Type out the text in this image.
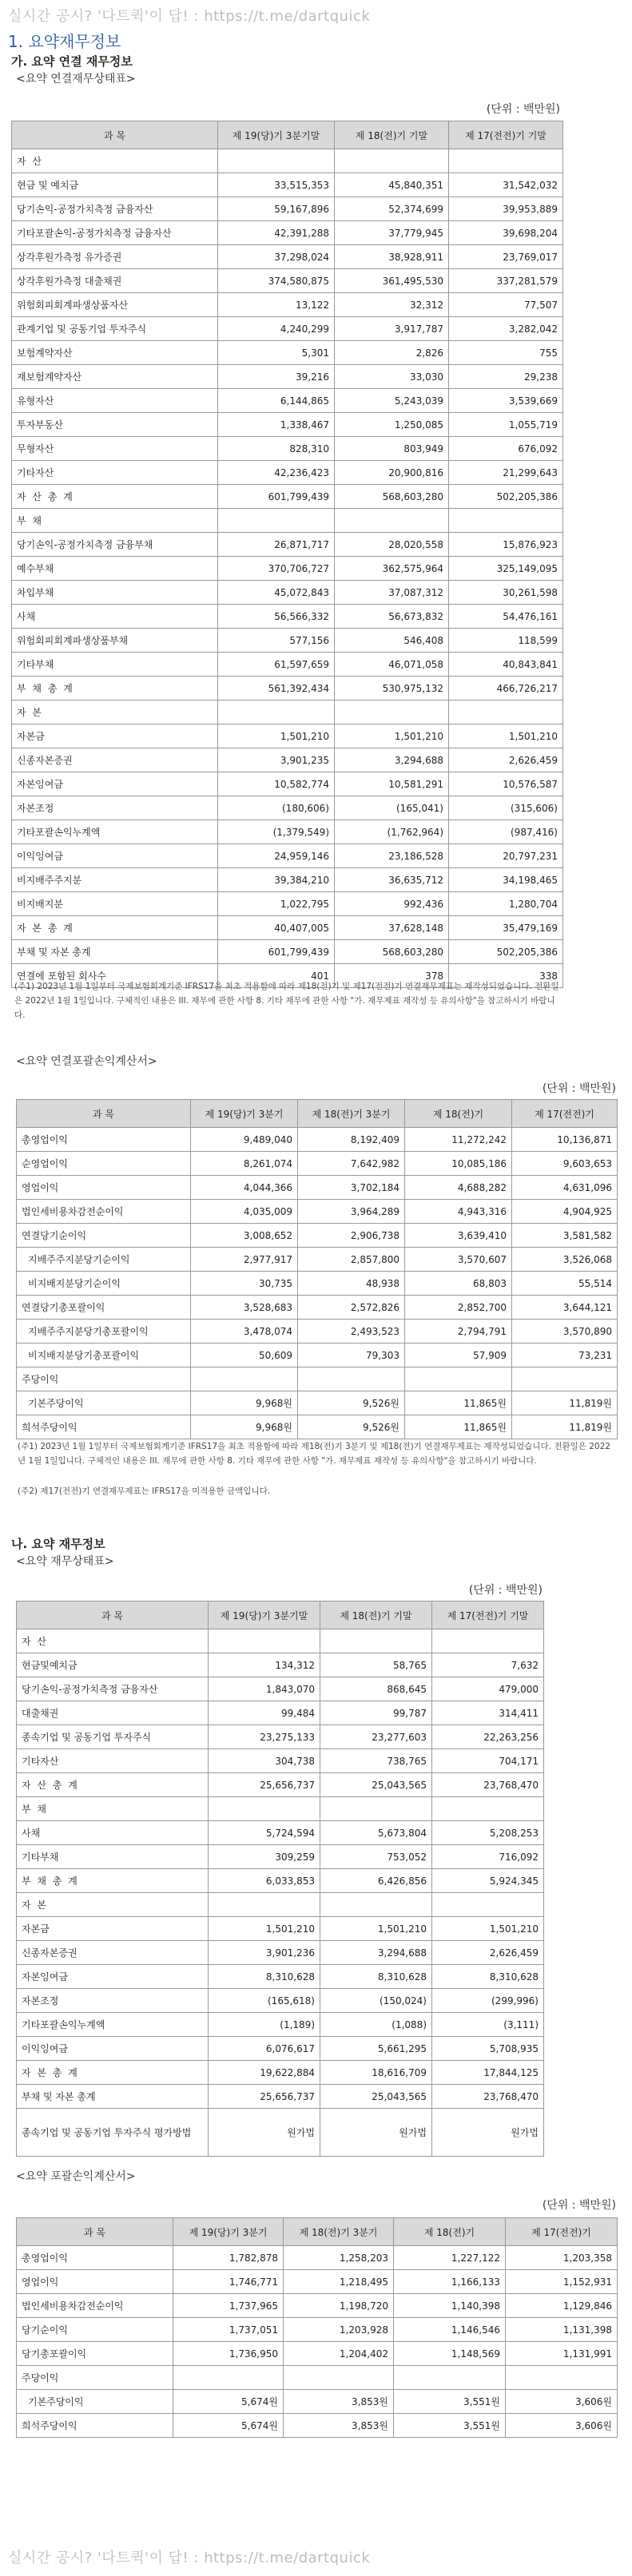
실시간 공시? '다트퀵'이 답! : https://t.me/dartquick
1. 요약재무정보
가. 요약 연결 재무정보
<요약 연결재무상태표>
(단위 : 백만원)
과 목	제 19(당)기 3분기말	제 18(전)기 기말	제 17(전전)기 기말
자 산			
현금 및 예치금	33,515,353	45,840,351	31,542,032
당기손익-공정가치측정 금융자산	59,167,896	52,374,699	39,953,889
기타포괄손익-공정가치측정 금융자산	42,391,288	37,779,945	39,698,204
상각후원가측정 유가증권	37,298,024	38,928,911	23,769,017
상각후원가측정 대출채권	374,580,875	361,495,530	337,281,579
위험회피회계파생상품자산	13,122	32,312	77,507
관계기업 및 공동기업 투자주식	4,240,299	3,917,787	3,282,042
보험계약자산	5,301	2,826	755
재보험계약자산	39,216	33,030	29,238
유형자산	6,144,865	5,243,039	3,539,669
투자부동산	1,338,467	1,250,085	1,055,719
무형자산	828,310	803,949	676,092
기타자산	42,236,423	20,900,816	21,299,643
자 산 총 계	601,799,439	568,603,280	502,205,386
부 채			
당기손익-공정가치측정 금융부채	26,871,717	28,020,558	15,876,923
예수부채	370,706,727	362,575,964	325,149,095
차입부채	45,072,843	37,087,312	30,261,598
사채	56,566,332	56,673,832	54,476,161
위험회피회계파생상품부채	577,156	546,408	118,599
기타부채	61,597,659	46,071,058	40,843,841
부 채 총 계	561,392,434	530,975,132	466,726,217
자 본			
자본금	1,501,210	1,501,210	1,501,210
신종자본증권	3,901,235	3,294,688	2,626,459
자본잉여금	10,582,774	10,581,291	10,576,587
자본조정	(180,606)	(165,041)	(315,606)
기타포괄손익누계액	(1,379,549)	(1,762,964)	(987,416)
이익잉여금	24,959,146	23,186,528	20,797,231
비지배주주지분	39,384,210	36,635,712	34,198,465
비지배지분	1,022,795	992,436	1,280,704
자 본 총 계	40,407,005	37,628,148	35,479,169
부채 및 자본 총계	601,799,439	568,603,280	502,205,386
연결에 포함된 회사수	401	378	338
(주1) 2023년 1월 1일부터 국제보험회계기준 IFRS17을 최초 적용함에 따라 제18(전)기 및 제17(전전)기 연결재무제표는 재작성되었습니다. 전환일은 2022년 1월 1일입니다. 구체적인 내용은 III. 재무에 관한 사항 8. 기타 재무에 관한 사항 "가. 재무제표 재작성 등 유의사항"을 참고하시기 바랍니다.
<요약 연결포괄손익계산서>
(단위 : 백만원)
과 목	제 19(당)기 3분기	제 18(전)기 3분기	제 18(전)기	제 17(전전)기
총영업이익	9,489,040	8,192,409	11,272,242	10,136,871
순영업이익	8,261,074	7,642,982	10,085,186	9,603,653
영업이익	4,044,366	3,702,184	4,688,282	4,631,096
법인세비용차감전순이익	4,035,009	3,964,289	4,943,316	4,904,925
연결당기순이익	3,008,652	2,906,738	3,639,410	3,581,582
지배주주지분당기순이익	2,977,917	2,857,800	3,570,607	3,526,068
비지배지분당기순이익	30,735	48,938	68,803	55,514
연결당기총포괄이익	3,528,683	2,572,826	2,852,700	3,644,121
지배주주지분당기총포괄이익	3,478,074	2,493,523	2,794,791	3,570,890
비지배지분당기총포괄이익	50,609	79,303	57,909	73,231
주당이익				
기본주당이익	9,968원	9,526원	11,865원	11,819원
희석주당이익	9,968원	9,526원	11,865원	11,819원
(주1) 2023년 1월 1일부터 국제보험회계기준 IFRS17을 최초 적용함에 따라 제18(전)기 3분기 및 제18(전)기 연결재무제표는 재작성되었습니다. 전환일은 2022년 1월 1일입니다. 구체적인 내용은 III. 재무에 관한 사항 8. 기타 재무에 관한 사항 "가. 재무제표 재작성 등 유의사항"을 참고하시기 바랍니다.
(주2) 제17(전전)기 연결재무제표는 IFRS17을 미적용한 금액입니다.
나. 요약 재무정보
<요약 재무상태표>
(단위 : 백만원)
과 목	제 19(당)기 3분기말	제 18(전)기 기말	제 17(전전)기 기말
자 산			
현금및예치금	134,312	58,765	7,632
당기손익-공정가치측정 금융자산	1,843,070	868,645	479,000
대출채권	99,484	99,787	314,411
종속기업 및 공동기업 투자주식	23,275,133	23,277,603	22,263,256
기타자산	304,738	738,765	704,171
자 산 총 계	25,656,737	25,043,565	23,768,470
부 채			
사채	5,724,594	5,673,804	5,208,253
기타부채	309,259	753,052	716,092
부 채 총 계	6,033,853	6,426,856	5,924,345
자 본			
자본금	1,501,210	1,501,210	1,501,210
신종자본증권	3,901,236	3,294,688	2,626,459
자본잉여금	8,310,628	8,310,628	8,310,628
자본조정	(165,618)	(150,024)	(299,996)
기타포괄손익누계액	(1,189)	(1,088)	(3,111)
이익잉여금	6,076,617	5,661,295	5,708,935
자 본 총 계	19,622,884	18,616,709	17,844,125
부채 및 자본 총계	25,656,737	25,043,565	23,768,470
종속기업 및 공동기업 투자주식 평가방법	원가법	원가법	원가법
<요약 포괄손익계산서>
(단위 : 백만원)
과 목	제 19(당)기 3분기	제 18(전)기 3분기	제 18(전)기	제 17(전전)기
총영업이익	1,782,878	1,258,203	1,227,122	1,203,358
영업이익	1,746,771	1,218,495	1,166,133	1,152,931
법인세비용차감전순이익	1,737,965	1,198,720	1,140,398	1,129,846
당기순이익	1,737,051	1,203,928	1,146,546	1,131,398
당기총포괄이익	1,736,950	1,204,402	1,148,569	1,131,991
주당이익				
기본주당이익	5,674원	3,853원	3,551원	3,606원
희석주당이익	5,674원	3,853원	3,551원	3,606원
실시간 공시? '다트퀵'이 답! : https://t.me/dartquick
